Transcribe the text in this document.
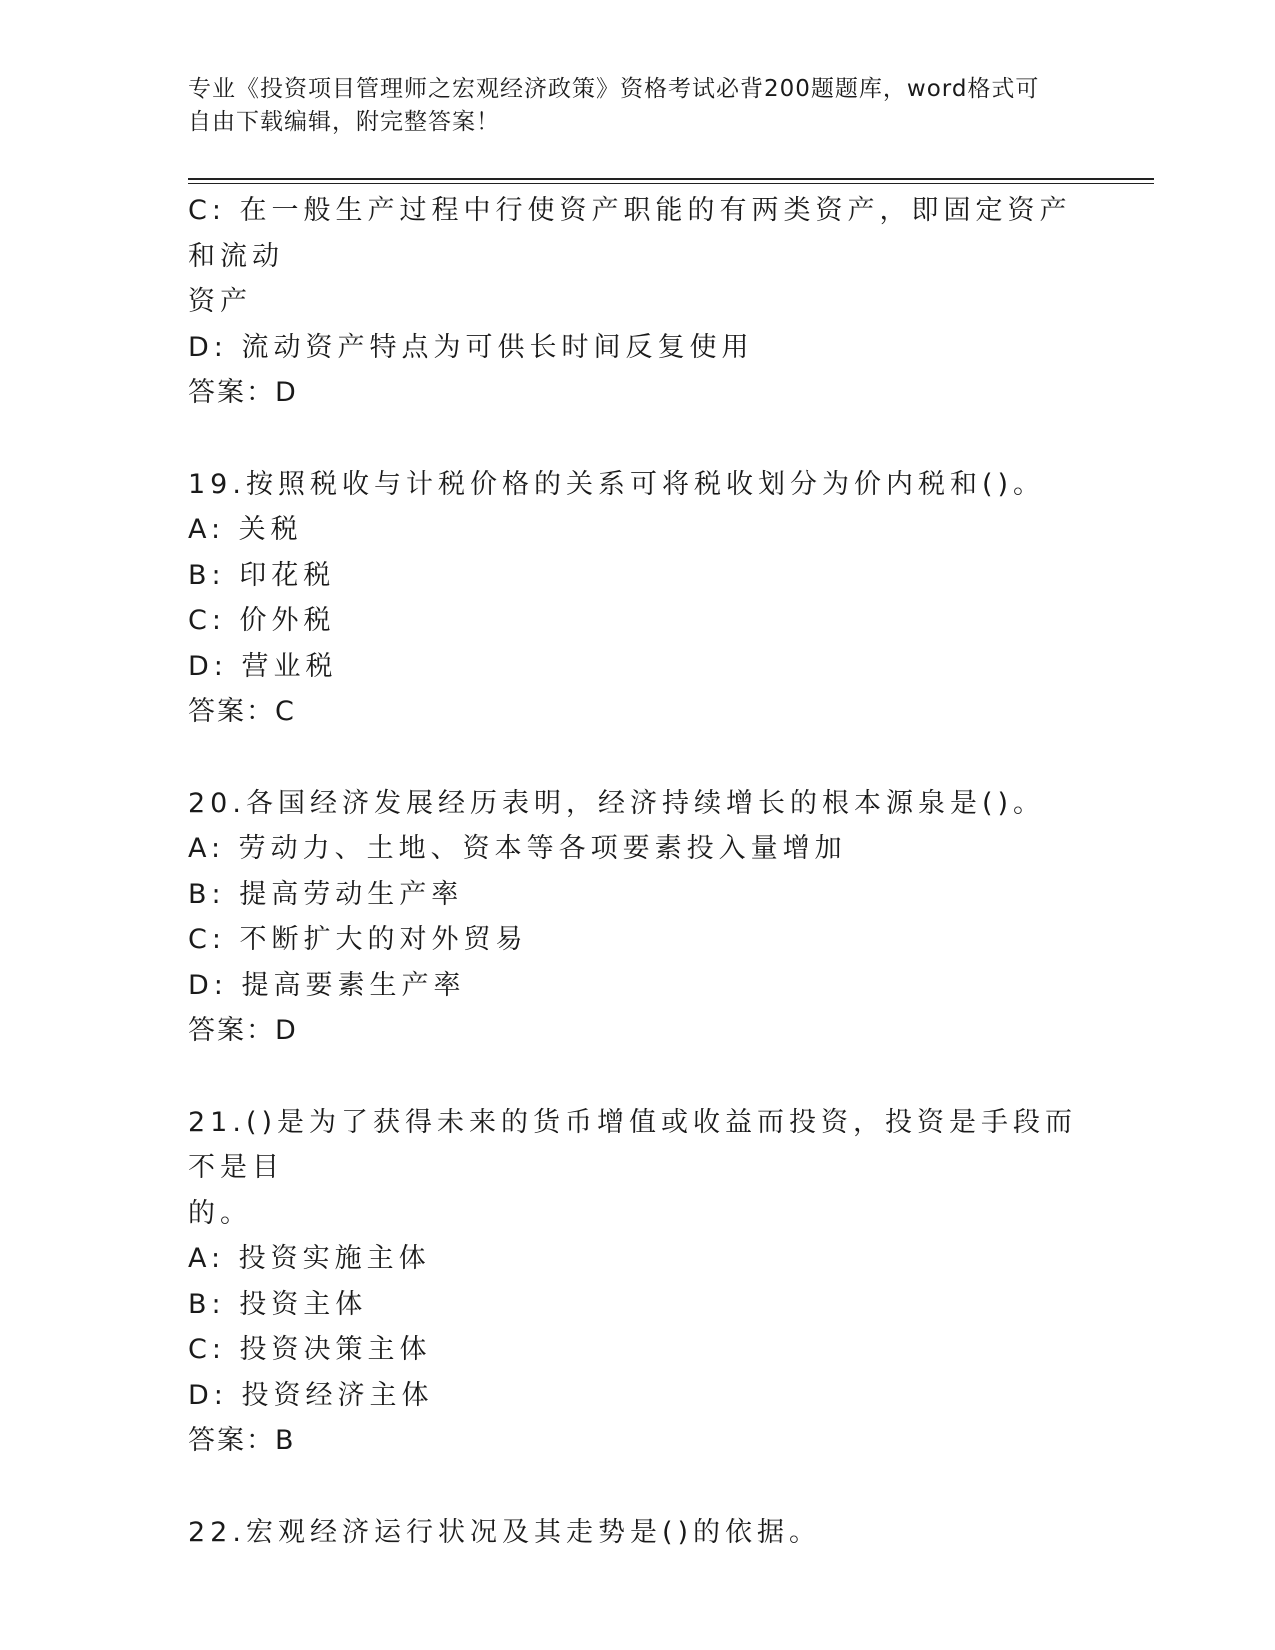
专业《投资项目管理师之宏观经济政策》资格考试必背200题题库，word格式可
自由下载编辑，附完整答案！
C: 在一般生产过程中行使资产职能的有两类资产，即固定资产和流动
资产
D: 流动资产特点为可供长时间反复使用
答案：D
19.按照税收与计税价格的关系可将税收划分为价内税和()。
A: 关税
B: 印花税
C: 价外税
D: 营业税
答案：C
20.各国经济发展经历表明，经济持续增长的根本源泉是()。
A: 劳动力、土地、资本等各项要素投入量增加
B: 提高劳动生产率
C: 不断扩大的对外贸易
D: 提高要素生产率
答案：D
21.()是为了获得未来的货币增值或收益而投资，投资是手段而不是目
的。
A: 投资实施主体
B: 投资主体
C: 投资决策主体
D: 投资经济主体
答案：B
22.宏观经济运行状况及其走势是()的依据。
